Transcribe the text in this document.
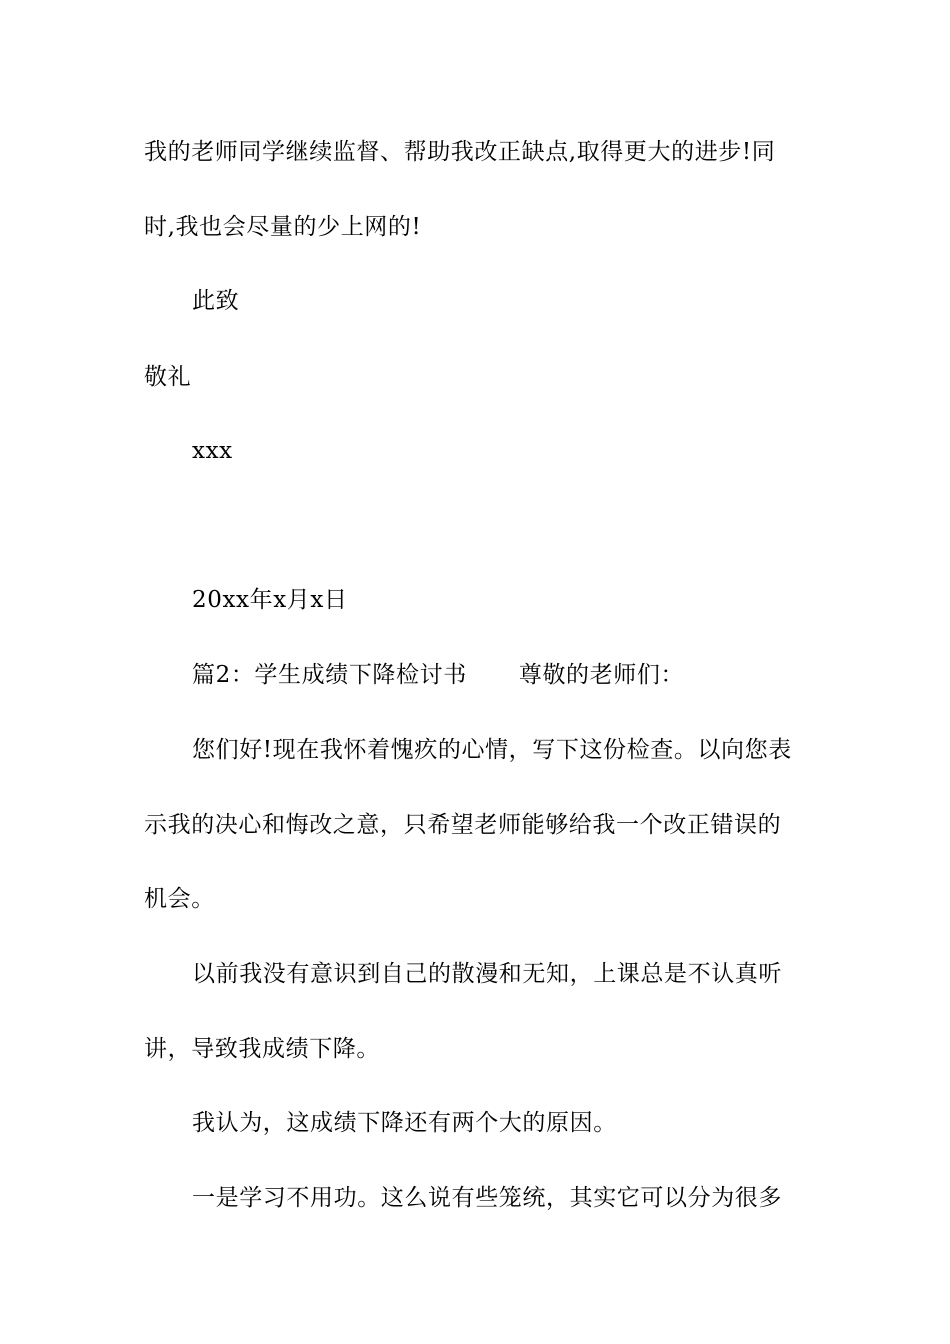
我的老师同学继续监督、帮助我改正缺点,取得更大的进步!同
时,我也会尽量的少上网的!
此致
敬礼
xxx
20xx年x月x日
篇2：学生成绩下降检讨书 尊敬的老师们：
您们好!现在我怀着愧疚的心情，写下这份检查。以向您表
示我的决心和悔改之意，只希望老师能够给我一个改正错误的
机会。
以前我没有意识到自己的散漫和无知，上课总是不认真听
讲，导致我成绩下降。
我认为，这成绩下降还有两个大的原因。
一是学习不用功。这么说有些笼统，其实它可以分为很多
